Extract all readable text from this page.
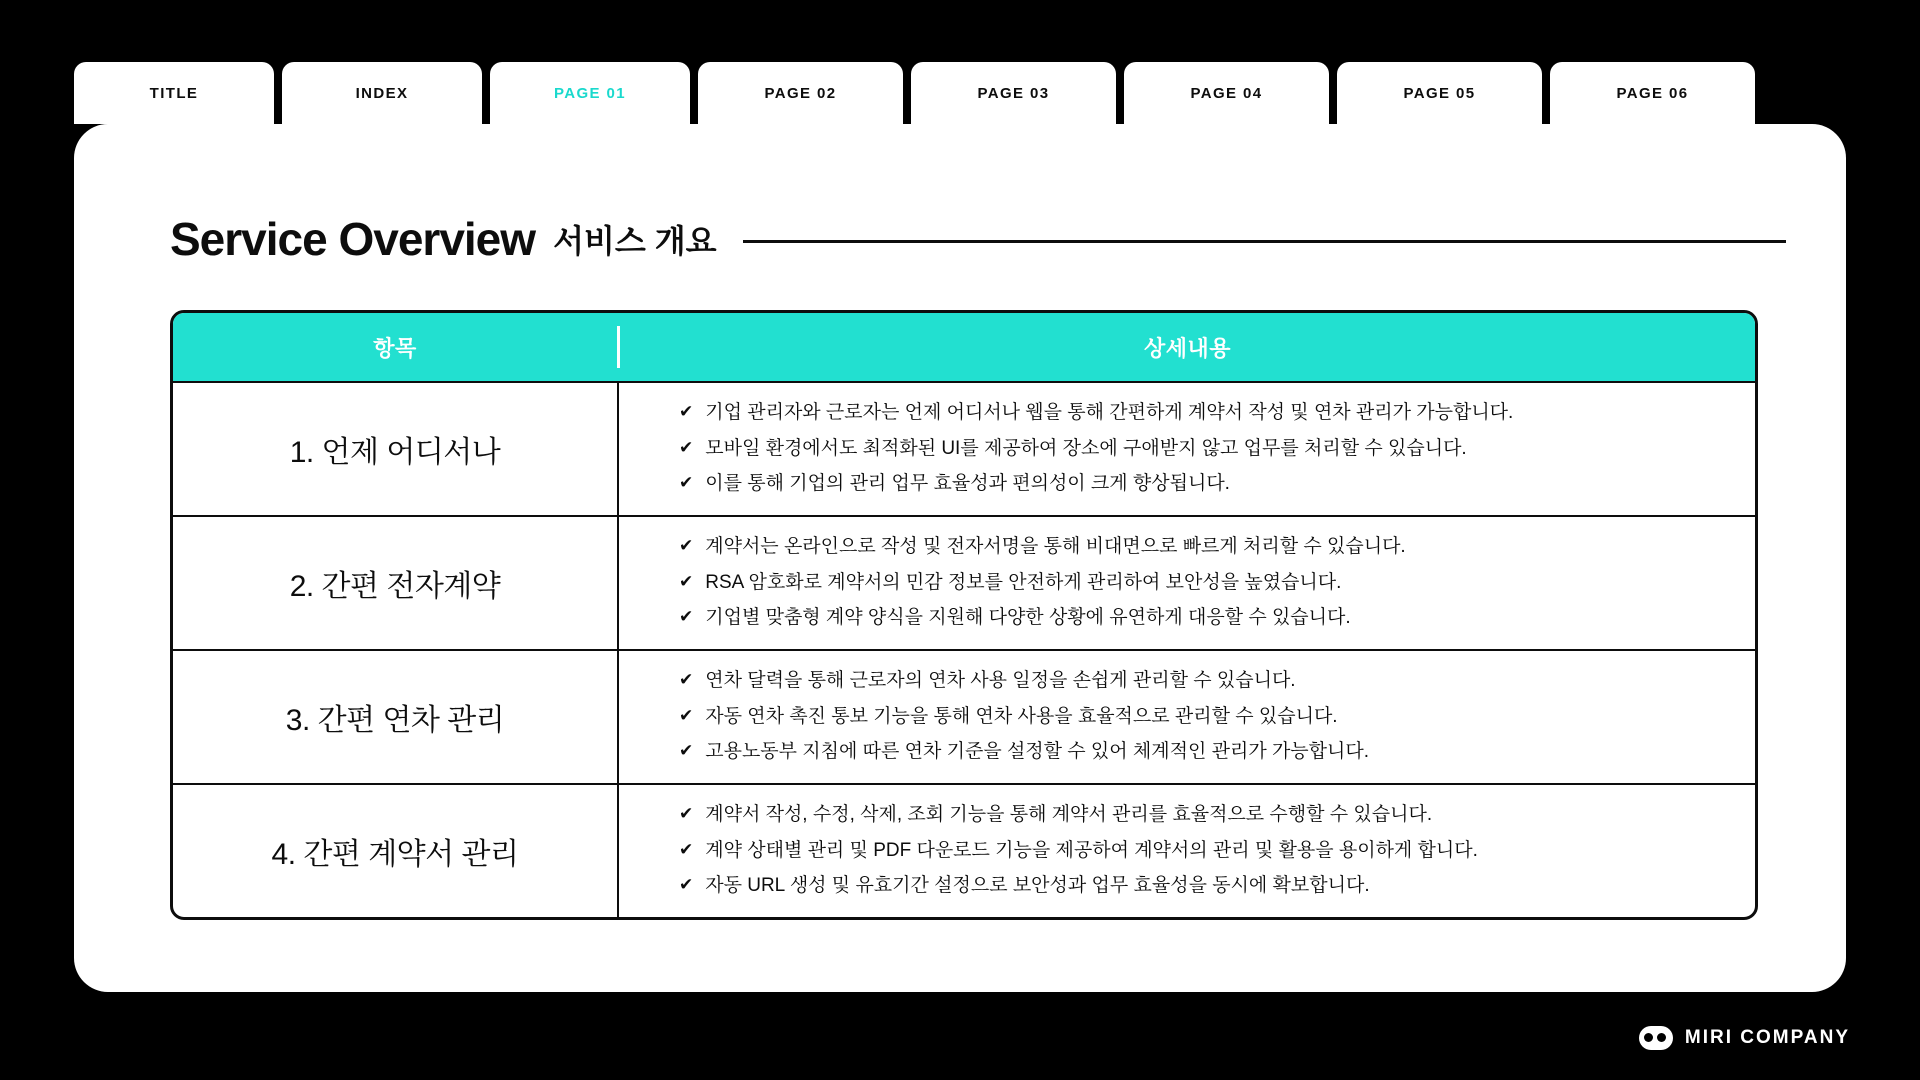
TITLE	INDEX	PAGE 01	PAGE 02	PAGE 03	PAGE 04	PAGE 05	PAGE 06
Service Overview 서비스 개요
항목	상세내용
1. 언제 어디서나
✔ 기업 관리자와 근로자는 언제 어디서나 웹을 통해 간편하게 계약서 작성 및 연차 관리가 가능합니다.
✔ 모바일 환경에서도 최적화된 UI를 제공하여 장소에 구애받지 않고 업무를 처리할 수 있습니다.
✔ 이를 통해 기업의 관리 업무 효율성과 편의성이 크게 향상됩니다.
2. 간편 전자계약
✔ 계약서는 온라인으로 작성 및 전자서명을 통해 비대면으로 빠르게 처리할 수 있습니다.
✔ RSA 암호화로 계약서의 민감 정보를 안전하게 관리하여 보안성을 높였습니다.
✔ 기업별 맞춤형 계약 양식을 지원해 다양한 상황에 유연하게 대응할 수 있습니다.
3. 간편 연차 관리
✔ 연차 달력을 통해 근로자의 연차 사용 일정을 손쉽게 관리할 수 있습니다.
✔ 자동 연차 촉진 통보 기능을 통해 연차 사용을 효율적으로 관리할 수 있습니다.
✔ 고용노동부 지침에 따른 연차 기준을 설정할 수 있어 체계적인 관리가 가능합니다.
4. 간편 계약서 관리
✔ 계약서 작성, 수정, 삭제, 조회 기능을 통해 계약서 관리를 효율적으로 수행할 수 있습니다.
✔ 계약 상태별 관리 및 PDF 다운로드 기능을 제공하여 계약서의 관리 및 활용을 용이하게 합니다.
✔ 자동 URL 생성 및 유효기간 설정으로 보안성과 업무 효율성을 동시에 확보합니다.
MIRI COMPANY
